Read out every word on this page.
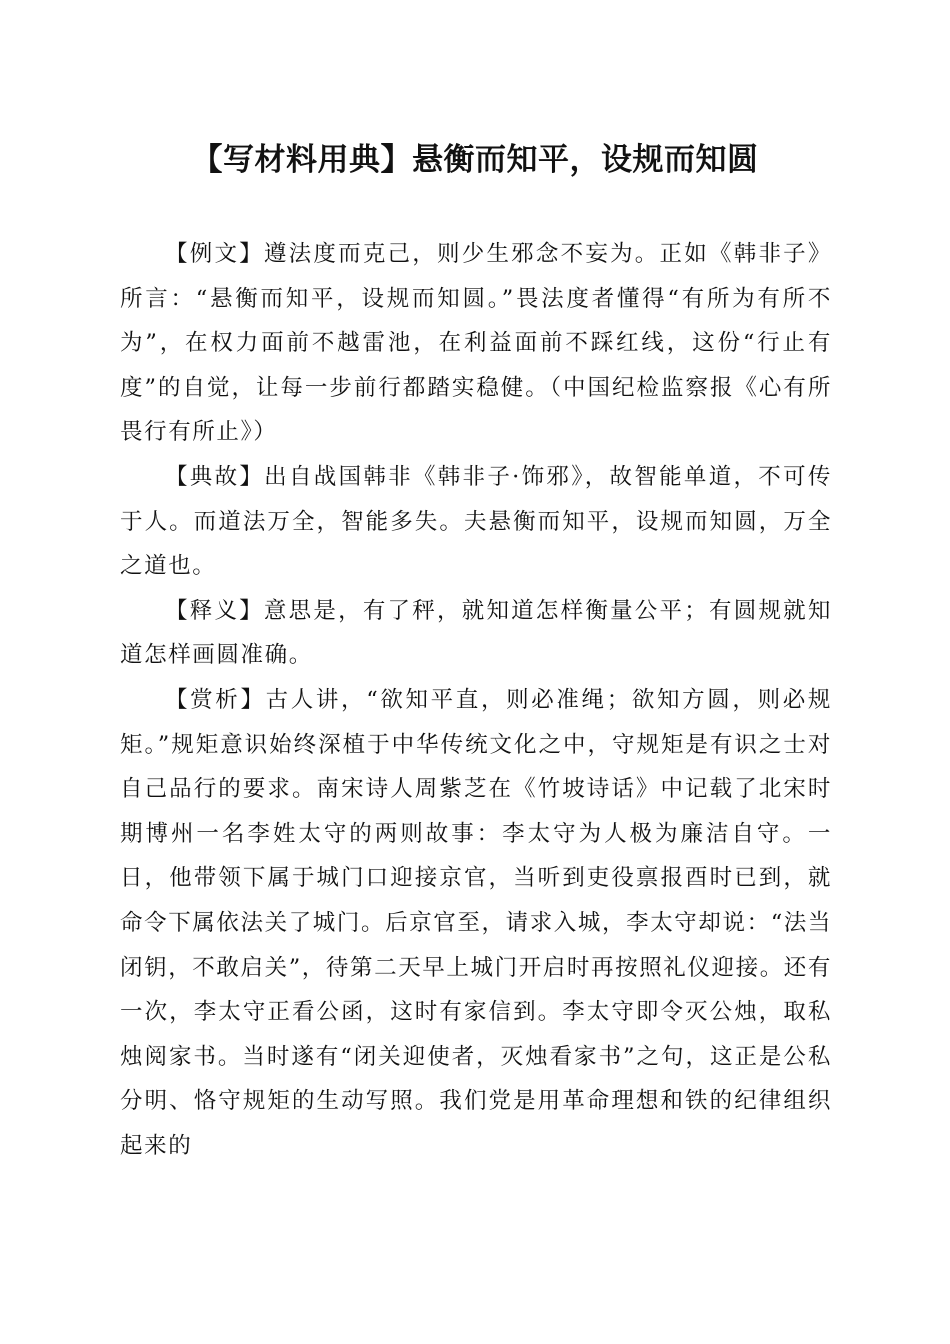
【写材料用典】悬衡而知平，设规而知圆

【例文】遵法度而克己，则少生邪念不妄为。正如《韩非子》所言：“悬衡而知平，设规而知圆。”畏法度者懂得“有所为有所不为”，在权力面前不越雷池，在利益面前不踩红线，这份“行止有度”的自觉，让每一步前行都踏实稳健。（中国纪检监察报《心有所畏行有所止》）

【典故】出自战国韩非《韩非子·饰邪》，故智能单道，不可传于人。而道法万全，智能多失。夫悬衡而知平，设规而知圆，万全之道也。

【释义】意思是，有了秤，就知道怎样衡量公平；有圆规就知道怎样画圆准确。

【赏析】古人讲，“欲知平直，则必准绳；欲知方圆，则必规矩。”规矩意识始终深植于中华传统文化之中，守规矩是有识之士对自己品行的要求。南宋诗人周紫芝在《竹坡诗话》中记载了北宋时期博州一名李姓太守的两则故事：李太守为人极为廉洁自守。一日，他带领下属于城门口迎接京官，当听到吏役禀报酉时已到，就命令下属依法关了城门。后京官至，请求入城，李太守却说：“法当闭钥，不敢启关”，待第二天早上城门开启时再按照礼仪迎接。还有一次，李太守正看公函，这时有家信到。李太守即令灭公烛，取私烛阅家书。当时遂有“闭关迎使者，灭烛看家书”之句，这正是公私分明、恪守规矩的生动写照。我们党是用革命理想和铁的纪律组织起来的
